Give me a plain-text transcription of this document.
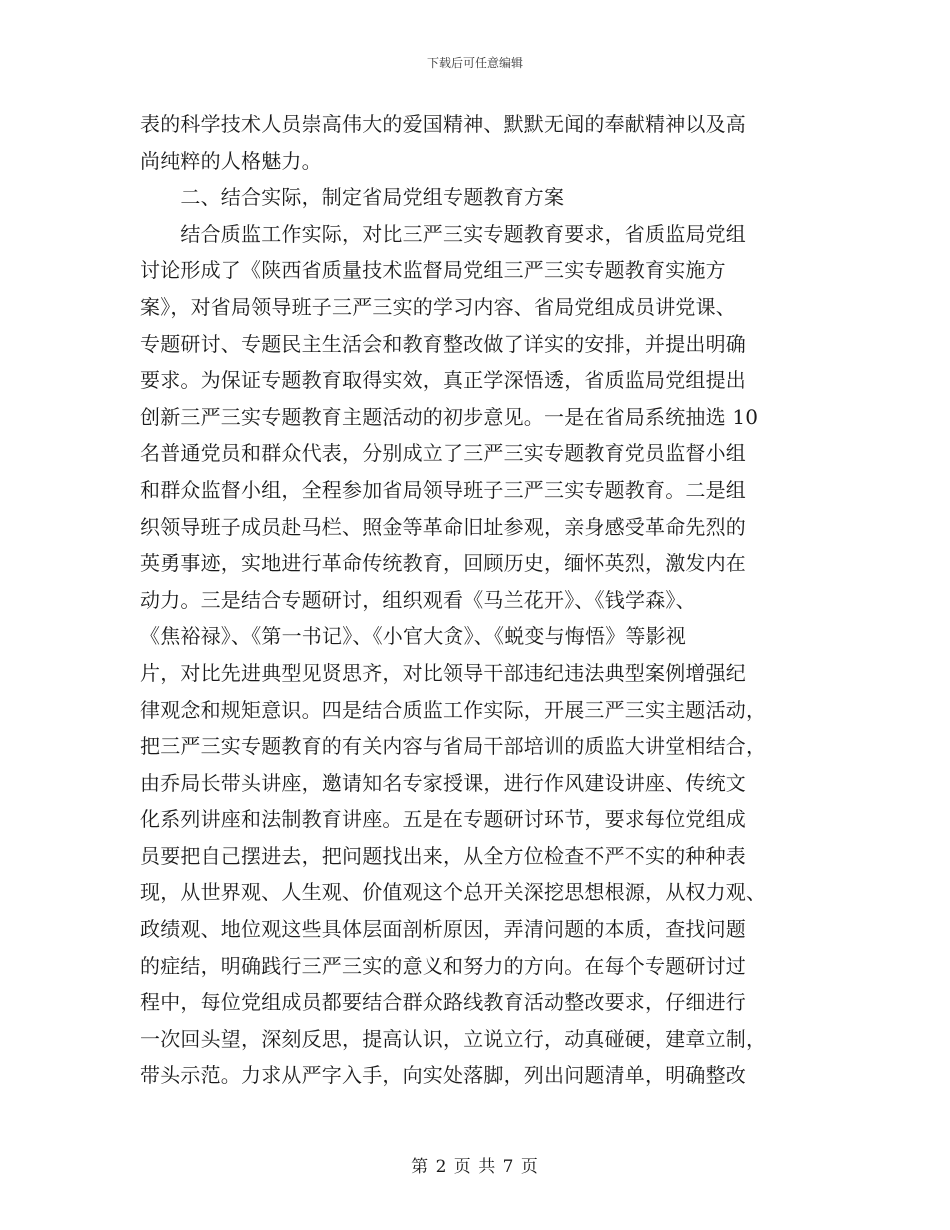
下载后可任意编辑
表的科学技术人员崇高伟大的爱国精神、默默无闻的奉献精神以及高
尚纯粹的人格魅力。
　　二、结合实际，制定省局党组专题教育方案
　　结合质监工作实际，对比三严三实专题教育要求，省质监局党组
讨论形成了《陕西省质量技术监督局党组三严三实专题教育实施方
案》，对省局领导班子三严三实的学习内容、省局党组成员讲党课、
专题研讨、专题民主生活会和教育整改做了详实的安排，并提出明确
要求。为保证专题教育取得实效，真正学深悟透，省质监局党组提出
创新三严三实专题教育主题活动的初步意见。一是在省局系统抽选 10
名普通党员和群众代表，分别成立了三严三实专题教育党员监督小组
和群众监督小组，全程参加省局领导班子三严三实专题教育。二是组
织领导班子成员赴马栏、照金等革命旧址参观，亲身感受革命先烈的
英勇事迹，实地进行革命传统教育，回顾历史，缅怀英烈，激发内在
动力。三是结合专题研讨，组织观看《马兰花开》、《钱学森》、
《焦裕禄》、《第一书记》、《小官大贪》、《蜕变与悔悟》等影视
片，对比先进典型见贤思齐，对比领导干部违纪违法典型案例增强纪
律观念和规矩意识。四是结合质监工作实际，开展三严三实主题活动，
把三严三实专题教育的有关内容与省局干部培训的质监大讲堂相结合，
由乔局长带头讲座，邀请知名专家授课，进行作风建设讲座、传统文
化系列讲座和法制教育讲座。五是在专题研讨环节，要求每位党组成
员要把自己摆进去，把问题找出来，从全方位检查不严不实的种种表
现，从世界观、人生观、价值观这个总开关深挖思想根源，从权力观、
政绩观、地位观这些具体层面剖析原因，弄清问题的本质，查找问题
的症结，明确践行三严三实的意义和努力的方向。在每个专题研讨过
程中，每位党组成员都要结合群众路线教育活动整改要求，仔细进行
一次回头望，深刻反思，提高认识，立说立行，动真碰硬，建章立制，
带头示范。力求从严字入手，向实处落脚，列出问题清单，明确整改
第 2 页 共 7 页
